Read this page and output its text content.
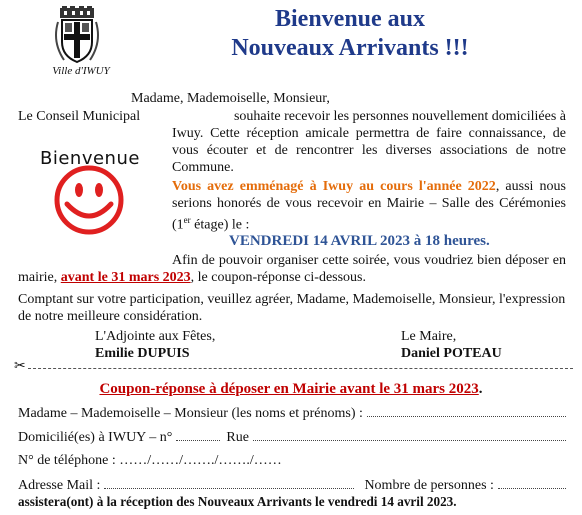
Ville d'IWUY
Bienvenue aux
Nouveaux Arrivants !!!
Madame, Mademoiselle, Monsieur,
Le Conseil Municipal	souhaite recevoir les personnes nouvellement domiciliées à
Bienvenue
Iwuy. Cette réception amicale permettra de faire connaissance, de vous écouter et de rencontrer les diverses associations de notre Commune.
Vous avez emménagé à Iwuy au cours l'année 2022, aussi nous serions honorés de vous recevoir en Mairie – Salle des Cérémonies (1er étage) le :
VENDREDI 14 AVRIL 2023 à 18 heures.
Afin de pouvoir organiser cette soirée, vous voudriez bien déposer en mairie, avant le 31 mars 2023, le coupon-réponse ci-dessous.
Comptant sur votre participation, veuillez agréer, Madame, Mademoiselle, Monsieur, l'expression de notre meilleure considération.
L'Adjointe aux Fêtes,
Emilie DUPUIS
Le Maire,
Daniel POTEAU
✂
Coupon-réponse à déposer en Mairie avant le 31 mars 2023.
Madame – Mademoiselle – Monsieur (les noms et prénoms) :
Domicilié(es) à IWUY – n°	Rue
N° de téléphone : ……/……/……./……./……
Adresse Mail :	Nombre de personnes :
assistera(ont) à la réception des Nouveaux Arrivants le vendredi 14 avril 2023.
